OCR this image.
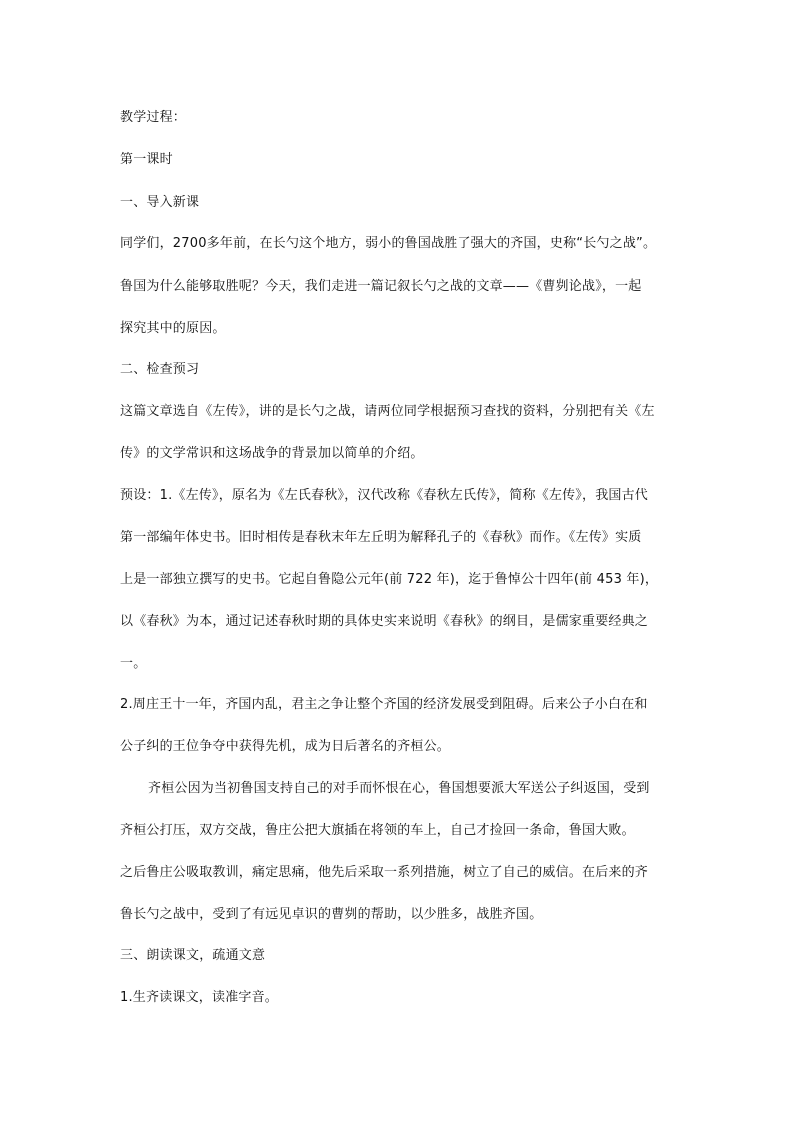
教学过程：
第一课时
一、导入新课
同学们，2700多年前，在长勺这个地方，弱小的鲁国战胜了强大的齐国，史称“长勺之战”。
鲁国为什么能够取胜呢？今天，我们走进一篇记叙长勺之战的文章——《曹刿论战》，一起
探究其中的原因。
二、检查预习
这篇文章选自《左传》，讲的是长勺之战，请两位同学根据预习查找的资料，分别把有关《左
传》的文学常识和这场战争的背景加以简单的介绍。
预设：1.《左传》，原名为《左氏春秋》，汉代改称《春秋左氏传》，简称《左传》，我国古代
第一部编年体史书。旧时相传是春秋末年左丘明为解释孔子的《春秋》而作。《左传》实质
上是一部独立撰写的史书。它起自鲁隐公元年(前 722 年)，迄于鲁悼公十四年(前 453 年)，
以《春秋》为本，通过记述春秋时期的具体史实来说明《春秋》的纲目，是儒家重要经典之
一。
2.周庄王十一年，齐国内乱，君主之争让整个齐国的经济发展受到阻碍。后来公子小白在和
公子纠的王位争夺中获得先机，成为日后著名的齐桓公。
齐桓公因为当初鲁国支持自己的对手而怀恨在心，鲁国想要派大军送公子纠返国，受到
齐桓公打压，双方交战，鲁庄公把大旗插在将领的车上，自己才捡回一条命，鲁国大败。
之后鲁庄公吸取教训，痛定思痛，他先后采取一系列措施，树立了自己的威信。在后来的齐
鲁长勺之战中，受到了有远见卓识的曹刿的帮助，以少胜多，战胜齐国。
三、朗读课文，疏通文意
1.生齐读课文，读准字音。
